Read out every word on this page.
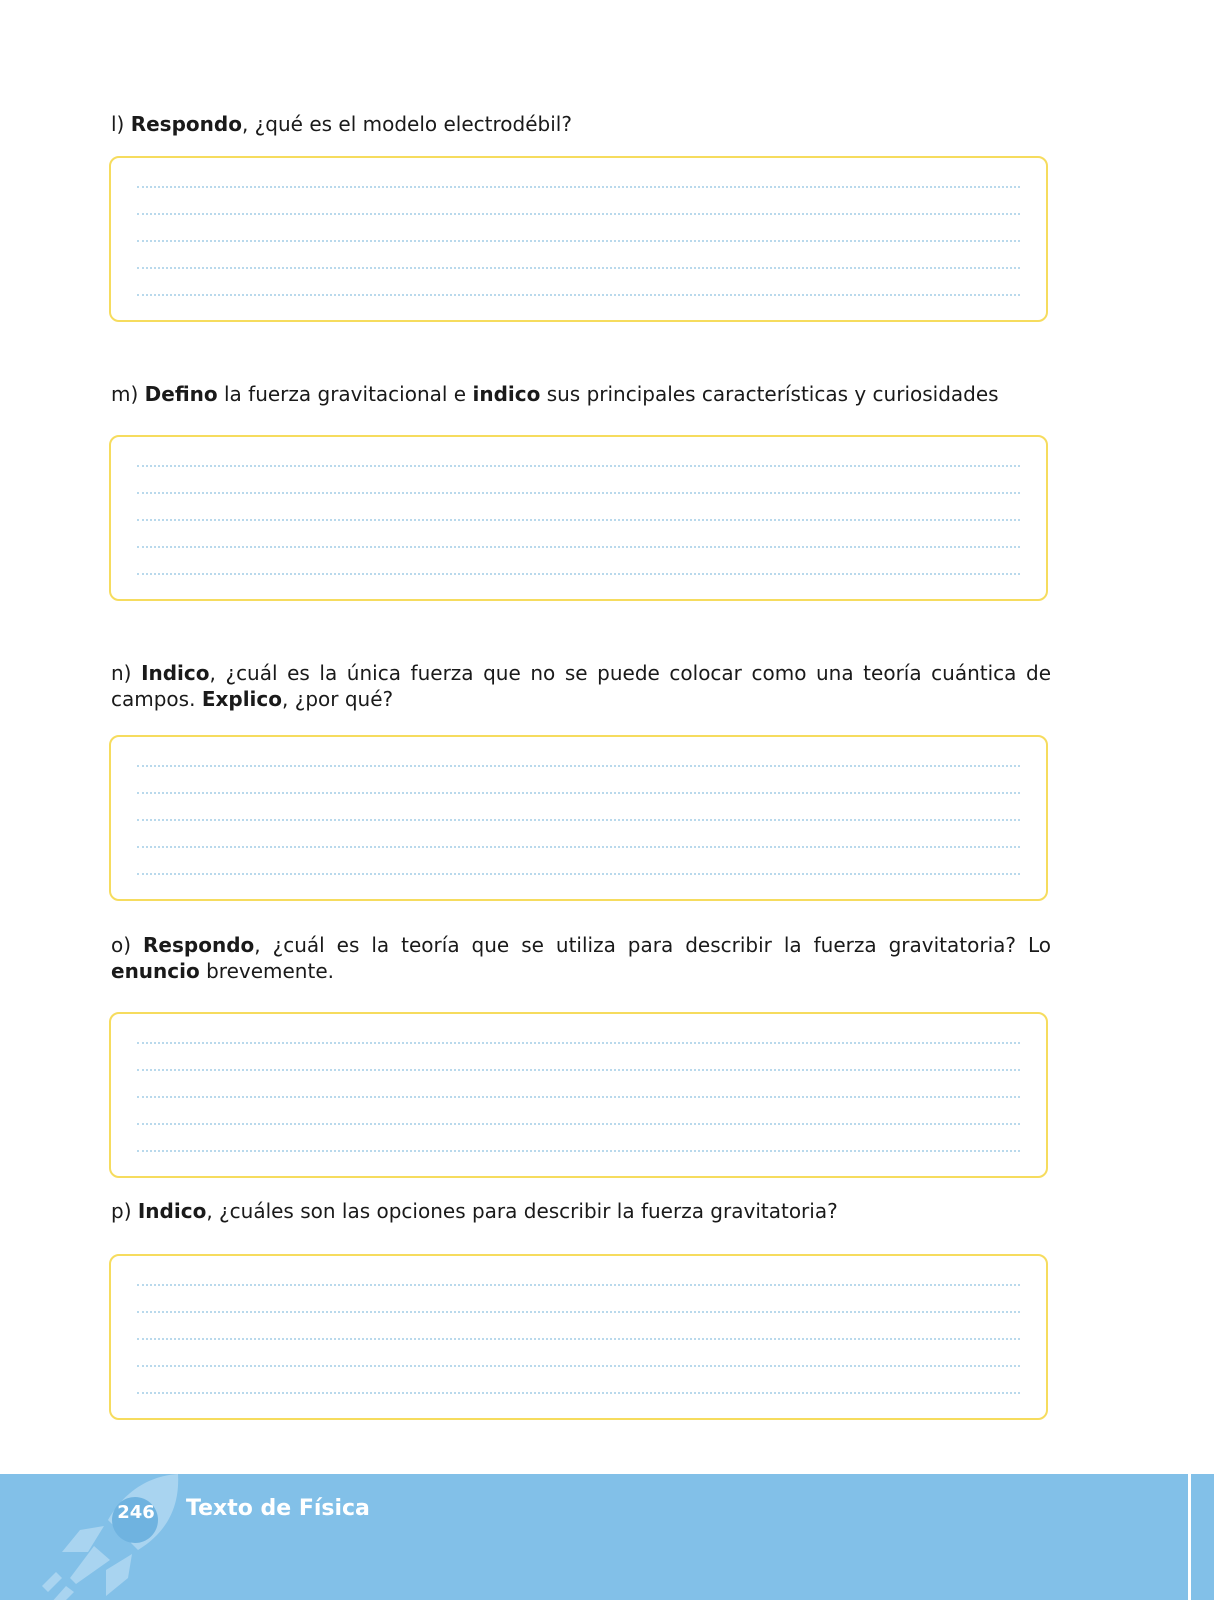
l) Respondo, ¿qué es el modelo electrodébil?
m) Defino la fuerza gravitacional e indico sus principales características y curiosidades
n) Indico, ¿cuál es la única fuerza que no se puede colocar como una teoría cuántica de campos. Explico, ¿por qué?
o) Respondo, ¿cuál es la teoría que se utiliza para describir la fuerza gravitatoria? Lo enuncio brevemente.
p) Indico, ¿cuáles son las opciones para describir la fuerza gravitatoria?
246 Texto de Física
